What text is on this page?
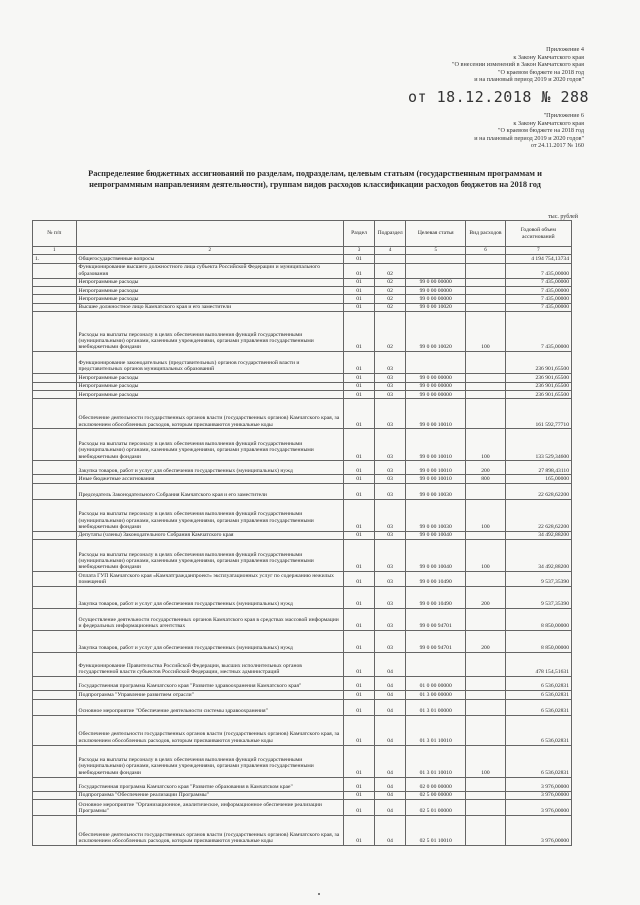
Приложение 4
к Закону Камчатского края
"О внесении изменений в Закон Камчатского края
"О краевом бюджете на 2018 год
и на плановый период 2019 и 2020 годов"
от 18.12.2018 № 288
"Приложение 6
к Закону Камчатского края
"О краевом бюджете на 2018 год
и на плановый период 2019 и 2020 годов"
от 24.11.2017 № 160
Распределение бюджетных ассигнований по разделам, подразделам, целевым статьям (государственным программам и непрограммным направлениям деятельности), группам видов расходов классификации расходов бюджетов на 2018 год
тыс. рублей
№ п/п		Раздел	Подраздел	Целевая статья	Вид расходов	Годовой объем ассигнований
1	2	3	4	5	6	7
1.	Общегосударственные вопросы	01				4 194 754,13734
	Функционирование высшего должностного лица субъекта Российской Федерации и муниципального образования	01	02			7 435,00000
	Непрограммные расходы	01	02	99 0 00 00000		7 435,00000
	Непрограммные расходы	01	02	99 0 00 00000		7 435,00000
	Непрограммные расходы	01	02	99 0 00 00000		7 435,00000
	Высшее должностное лицо Камчатского края и его заместители	01	02	99 0 00 10020		7 435,00000
	Расходы на выплаты персоналу в целях обеспечения выполнения функций государственными (муниципальными) органами, казенными учреждениями, органами управления государственными внебюджетными фондами	01	02	99 0 00 10020	100	7 435,00000
	Функционирование законодательных (представительных) органов государственной власти и представительных органов муниципальных образований	01	03			236 901,65500
	Непрограммные расходы	01	03	99 0 00 00000		236 901,65500
	Непрограммные расходы	01	03	99 0 00 00000		236 901,65500
	Непрограммные расходы	01	03	99 0 00 00000		236 901,65500
	Обеспечение деятельности государственных органов власти (государственных органов) Камчатского края, за исключением обособленных расходов, которым присваиваются уникальные коды	01	03	99 0 00 10010		161 592,77710
	Расходы на выплаты персоналу в целях обеспечения выполнения функций государственными (муниципальными) органами, казенными учреждениями, органами управления государственными внебюджетными фондами	01	03	99 0 00 10010	100	133 529,34600
	Закупка товаров, работ и услуг для обеспечения государственных (муниципальных) нужд	01	03	99 0 00 10010	200	27 898,43110
	Иные бюджетные ассигнования	01	03	99 0 00 10010	800	165,00000
	Председатель Законодательного Собрания Камчатского края и его заместители	01	03	99 0 00 10030		22 628,62200
	Расходы на выплаты персоналу в целях обеспечения выполнения функций государственными (муниципальными) органами, казенными учреждениями, органами управления государственными внебюджетными фондами	01	03	99 0 00 10030	100	22 628,62200
	Депутаты (члены) Законодательного Собрания Камчатского края	01	03	99 0 00 10040		34 492,88200
	Расходы на выплаты персоналу в целях обеспечения выполнения функций государственными (муниципальными) органами, казенными учреждениями, органами управления государственными внебюджетными фондами	01	03	99 0 00 10040	100	34 492,88200
	Оплата ГУП Камчатского края «Камчатгражданпроект» эксплуатационных услуг по содержанию нежилых помещений	01	03	99 0 00 10490		9 537,35390
	Закупка товаров, работ и услуг для обеспечения государственных (муниципальных) нужд	01	03	99 0 00 10490	200	9 537,35390
	Осуществление деятельности государственных органов Камчатского края в средствах массовой информации и федеральных информационных агентствах	01	03	99 0 00 94701		8 850,00000
	Закупка товаров, работ и услуг для обеспечения государственных (муниципальных) нужд	01	03	99 0 00 94701	200	8 850,00000
	Функционирование Правительства Российской Федерации, высших исполнительных органов государственной власти субъектов Российской Федерации, местных администраций	01	04			478 154,51631
	Государственная программа Камчатского края "Развитие здравоохранения Камчатского края"	01	04	01 0 00 00000		6 536,02831
	Подпрограмма "Управление развитием отрасли"	01	04	01 3 00 00000		6 536,02831
	Основное мероприятие "Обеспечение деятельности системы здравоохранения"	01	04	01 3 01 00000		6 536,02831
	Обеспечение деятельности государственных органов власти (государственных органов) Камчатского края, за исключением обособленных расходов, которым присваиваются уникальные коды	01	04	01 3 01 10010		6 536,02831
	Расходы на выплаты персоналу в целях обеспечения выполнения функций государственными (муниципальными) органами, казенными учреждениями, органами управления государственными внебюджетными фондами	01	04	01 3 01 10010	100	6 536,02831
	Государственная программа Камчатского края "Развитие образования в Камчатском крае"	01	04	02 0 00 00000		3 976,00000
	Подпрограмма "Обеспечение реализации Программы"	01	04	02 5 00 00000		3 976,00000
	Основное мероприятие "Организационное, аналитическое, информационное обеспечение реализации Программы"	01	04	02 5 01 00000		3 976,00000
	Обеспечение деятельности государственных органов власти (государственных органов) Камчатского края, за исключением обособленных расходов, которым присваиваются уникальные коды	01	04	02 5 01 10010		3 976,00000
